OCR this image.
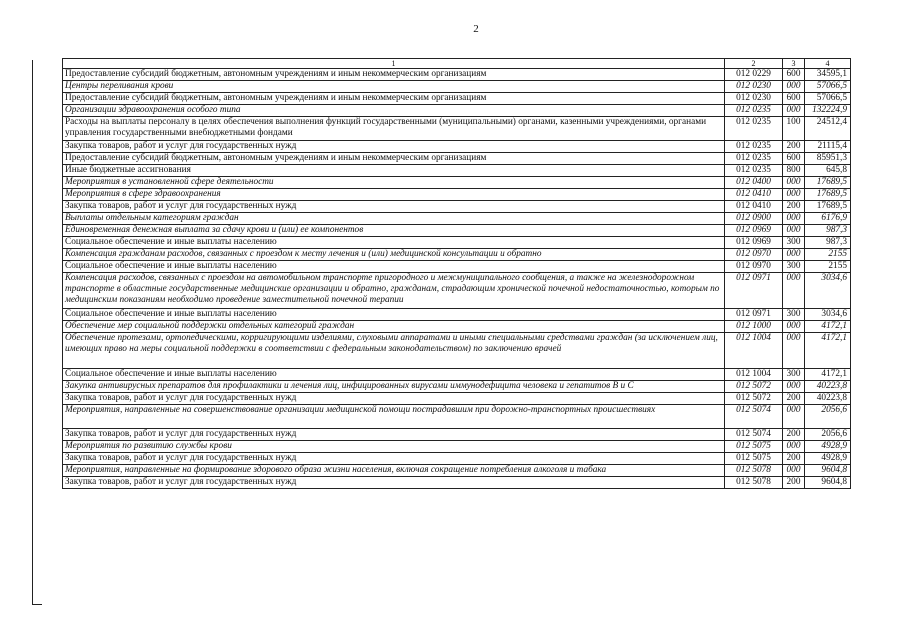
2
1	2	3	4
Предоставление субсидий бюджетным, автономным учреждениям и иным некоммерческим организациям	012 0229	600	34595,1
Центры переливания крови	012 0230	000	57066,5
Предоставление субсидий бюджетным, автономным учреждениям и иным некоммерческим организациям	012 0230	600	57066,5
Организации здравоохранения особого типа	012 0235	000	132224,9
Расходы на выплаты персоналу в целях обеспечения выполнения функций государственными (муниципальными) органами, казенными учреждениями, органами управления государственными внебюджетными фондами	012 0235	100	24512,4
Закупка товаров, работ и услуг для государственных нужд	012 0235	200	21115,4
Предоставление субсидий бюджетным, автономным учреждениям и иным некоммерческим организациям	012 0235	600	85951,3
Иные бюджетные ассигнования	012 0235	800	645,8
Мероприятия в установленной сфере деятельности	012 0400	000	17689,5
Мероприятия в сфере здравоохранения	012 0410	000	17689,5
Закупка товаров, работ и услуг для государственных нужд	012 0410	200	17689,5
Выплаты отдельным категориям граждан	012 0900	000	6176,9
Единовременная денежная выплата за сдачу крови и (или) ее компонентов	012 0969	000	987,3
Социальное обеспечение и иные выплаты населению	012 0969	300	987,3
Компенсация гражданам расходов, связанных с проездом к месту лечения и (или) медицинской консультации и обратно	012 0970	000	2155
Социальное обеспечение и иные выплаты населению	012 0970	300	2155
Компенсация расходов, связанных с проездом на автомобильном транспорте пригородного и межмуниципального сообщения, а также на железнодорожном транспорте в областные государственные медицинские организации и обратно, гражданам, страдающим хронической почечной недостаточностью, которым по медицинским показаниям необходимо проведение заместительной почечной терапии	012 0971	000	3034,6
Социальное обеспечение и иные выплаты населению	012 0971	300	3034,6
Обеспечение мер социальной поддержки отдельных категорий граждан	012 1000	000	4172,1
Обеспечение протезами, ортопедическими, корригирующими изделиями, слуховыми аппаратами и иными специальными средствами граждан (за исключением лиц, имеющих право на меры социальной поддержки в соответствии с федеральным законодательством) по заключению врачей	012 1004	000	4172,1
Социальное обеспечение и иные выплаты населению	012 1004	300	4172,1
Закупка антивирусных препаратов для профилактики и лечения лиц, инфицированных вирусами иммунодефицита человека и гепатитов В и С	012 5072	000	40223,8
Закупка товаров, работ и услуг для государственных нужд	012 5072	200	40223,8
Мероприятия, направленные на совершенствование организации медицинской помощи пострадавшим при дорожно-транспортных происшествиях	012 5074	000	2056,6
Закупка товаров, работ и услуг для государственных нужд	012 5074	200	2056,6
Мероприятия по развитию службы крови	012 5075	000	4928,9
Закупка товаров, работ и услуг для государственных нужд	012 5075	200	4928,9
Мероприятия, направленные на формирование здорового образа жизни населения, включая сокращение потребления алкоголя и табака	012 5078	000	9604,8
Закупка товаров, работ и услуг для государственных нужд	012 5078	200	9604,8
